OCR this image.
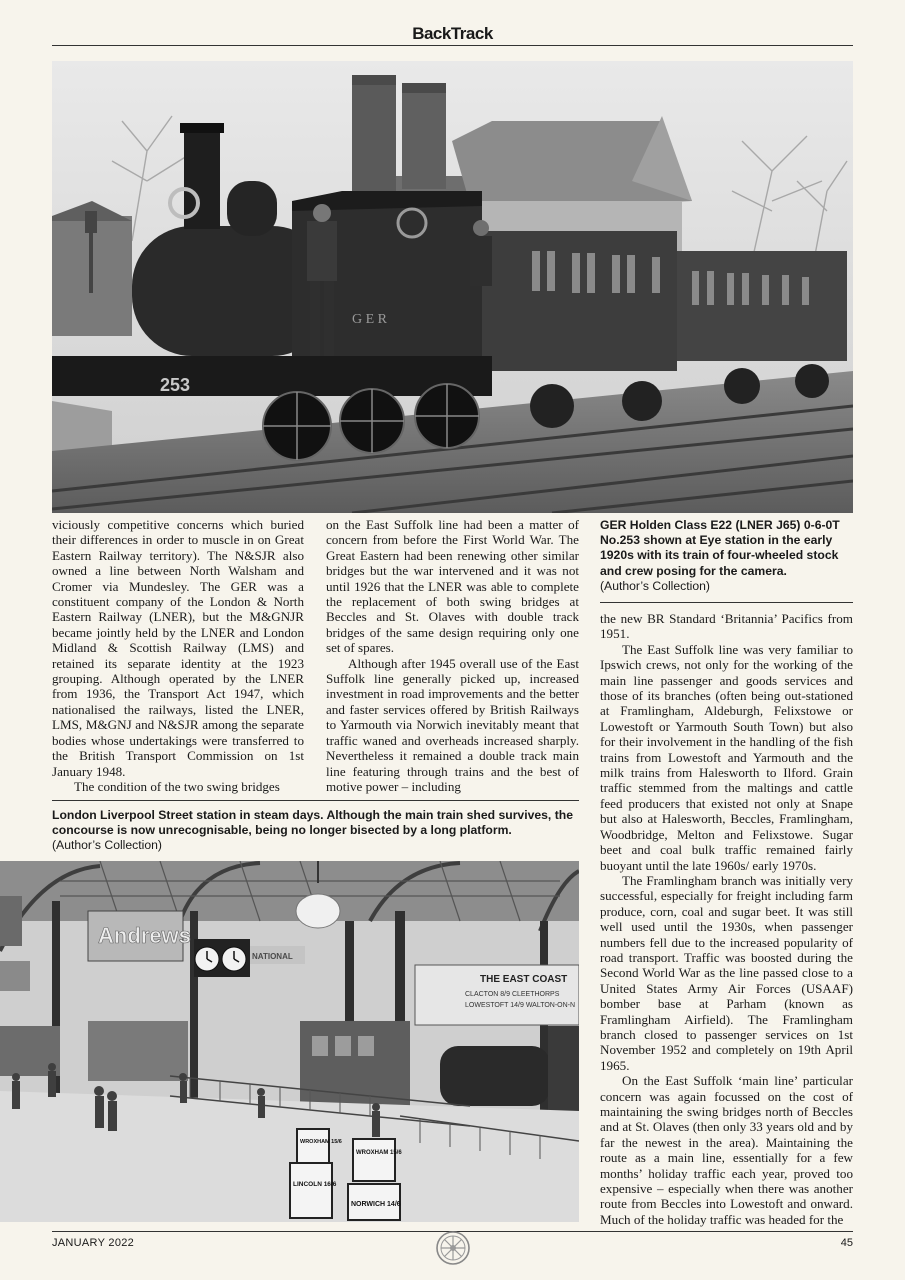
BackTrack
G E R
253
GER Holden Class E22 (LNER J65) 0-6-0T No.253 shown at Eye station in the early 1920s with its train of four-wheeled stock and crew posing for the camera.
(Author’s Collection)

viciously competitive concerns which buried their differences in order to muscle in on Great Eastern Railway territory). The N&SJR also owned a line between North Walsham and Cromer via Mundesley. The GER was a constituent company of the London & North Eastern Railway (LNER), but the M&GNJR became jointly held by the LNER and London Midland & Scottish Railway (LMS) and retained its separate identity at the 1923 grouping. Although operated by the LNER from 1936, the Transport Act 1947, which nationalised the railways, listed the LNER, LMS, M&GNJ and N&SJR among the separate bodies whose undertakings were transferred to the British Transport Commission on 1st January 1948.

The condition of the two swing bridges

on the East Suffolk line had been a matter of concern from before the First World War. The Great Eastern had been renewing other similar bridges but the war intervened and it was not until 1926 that the LNER was able to complete the replacement of both swing bridges at Beccles and St. Olaves with double track bridges of the same design requiring only one set of spares.

Although after 1945 overall use of the East Suffolk line generally picked up, increased investment in road improvements and the better and faster services offered by British Railways to Yarmouth via Norwich inevitably meant that traffic waned and overheads increased sharply. Nevertheless it remained a double track main line featuring through trains and the best of motive power – including

London Liverpool Street station in steam days. Although the main train shed survives, the concourse is now unrecognisable, being no longer bisected by a long platform.
(Author’s Collection)
Andrews
NATIONAL
THE EAST COAST
CLACTON 8/9 CLEETHORPS
LOWESTOFT 14/9 WALTON-ON-N
WROXHAM 15/6
WROXHAM 15/6
LINCOLN 16/6
NORWICH 14/6

the new BR Standard ‘Britannia’ Pacifics from 1951.

The East Suffolk line was very familiar to Ipswich crews, not only for the working of the main line passenger and goods services and those of its branches (often being out-stationed at Framlingham, Aldeburgh, Felixstowe or Lowestoft or Yarmouth South Town) but also for their involvement in the handling of the fish trains from Lowestoft and Yarmouth and the milk trains from Halesworth to Ilford. Grain traffic stemmed from the maltings and cattle feed producers that existed not only at Snape but also at Halesworth, Beccles, Framlingham, Woodbridge, Melton and Felixstowe. Sugar beet and coal bulk traffic remained fairly buoyant until the late 1960s/ early 1970s.

The Framlingham branch was initially very successful, especially for freight including farm produce, corn, coal and sugar beet. It was still well used until the 1930s, when passenger numbers fell due to the increased popularity of road transport. Traffic was boosted during the Second World War as the line passed close to a United States Army Air Forces (USAAF) bomber base at Parham (known as Framlingham Airfield). The Framlingham branch closed to passenger services on 1st November 1952 and completely on 19th April 1965.

On the East Suffolk ‘main line’ particular concern was again focussed on the cost of maintaining the swing bridges north of Beccles and at St. Olaves (then only 33 years old and by far the newest in the area). Maintaining the route as a main line, essentially for a few months’ holiday traffic each year, proved too expensive – especially when there was another route from Beccles into Lowestoft and onward. Much of the holiday traffic was headed for the

JANUARY 2022	45
